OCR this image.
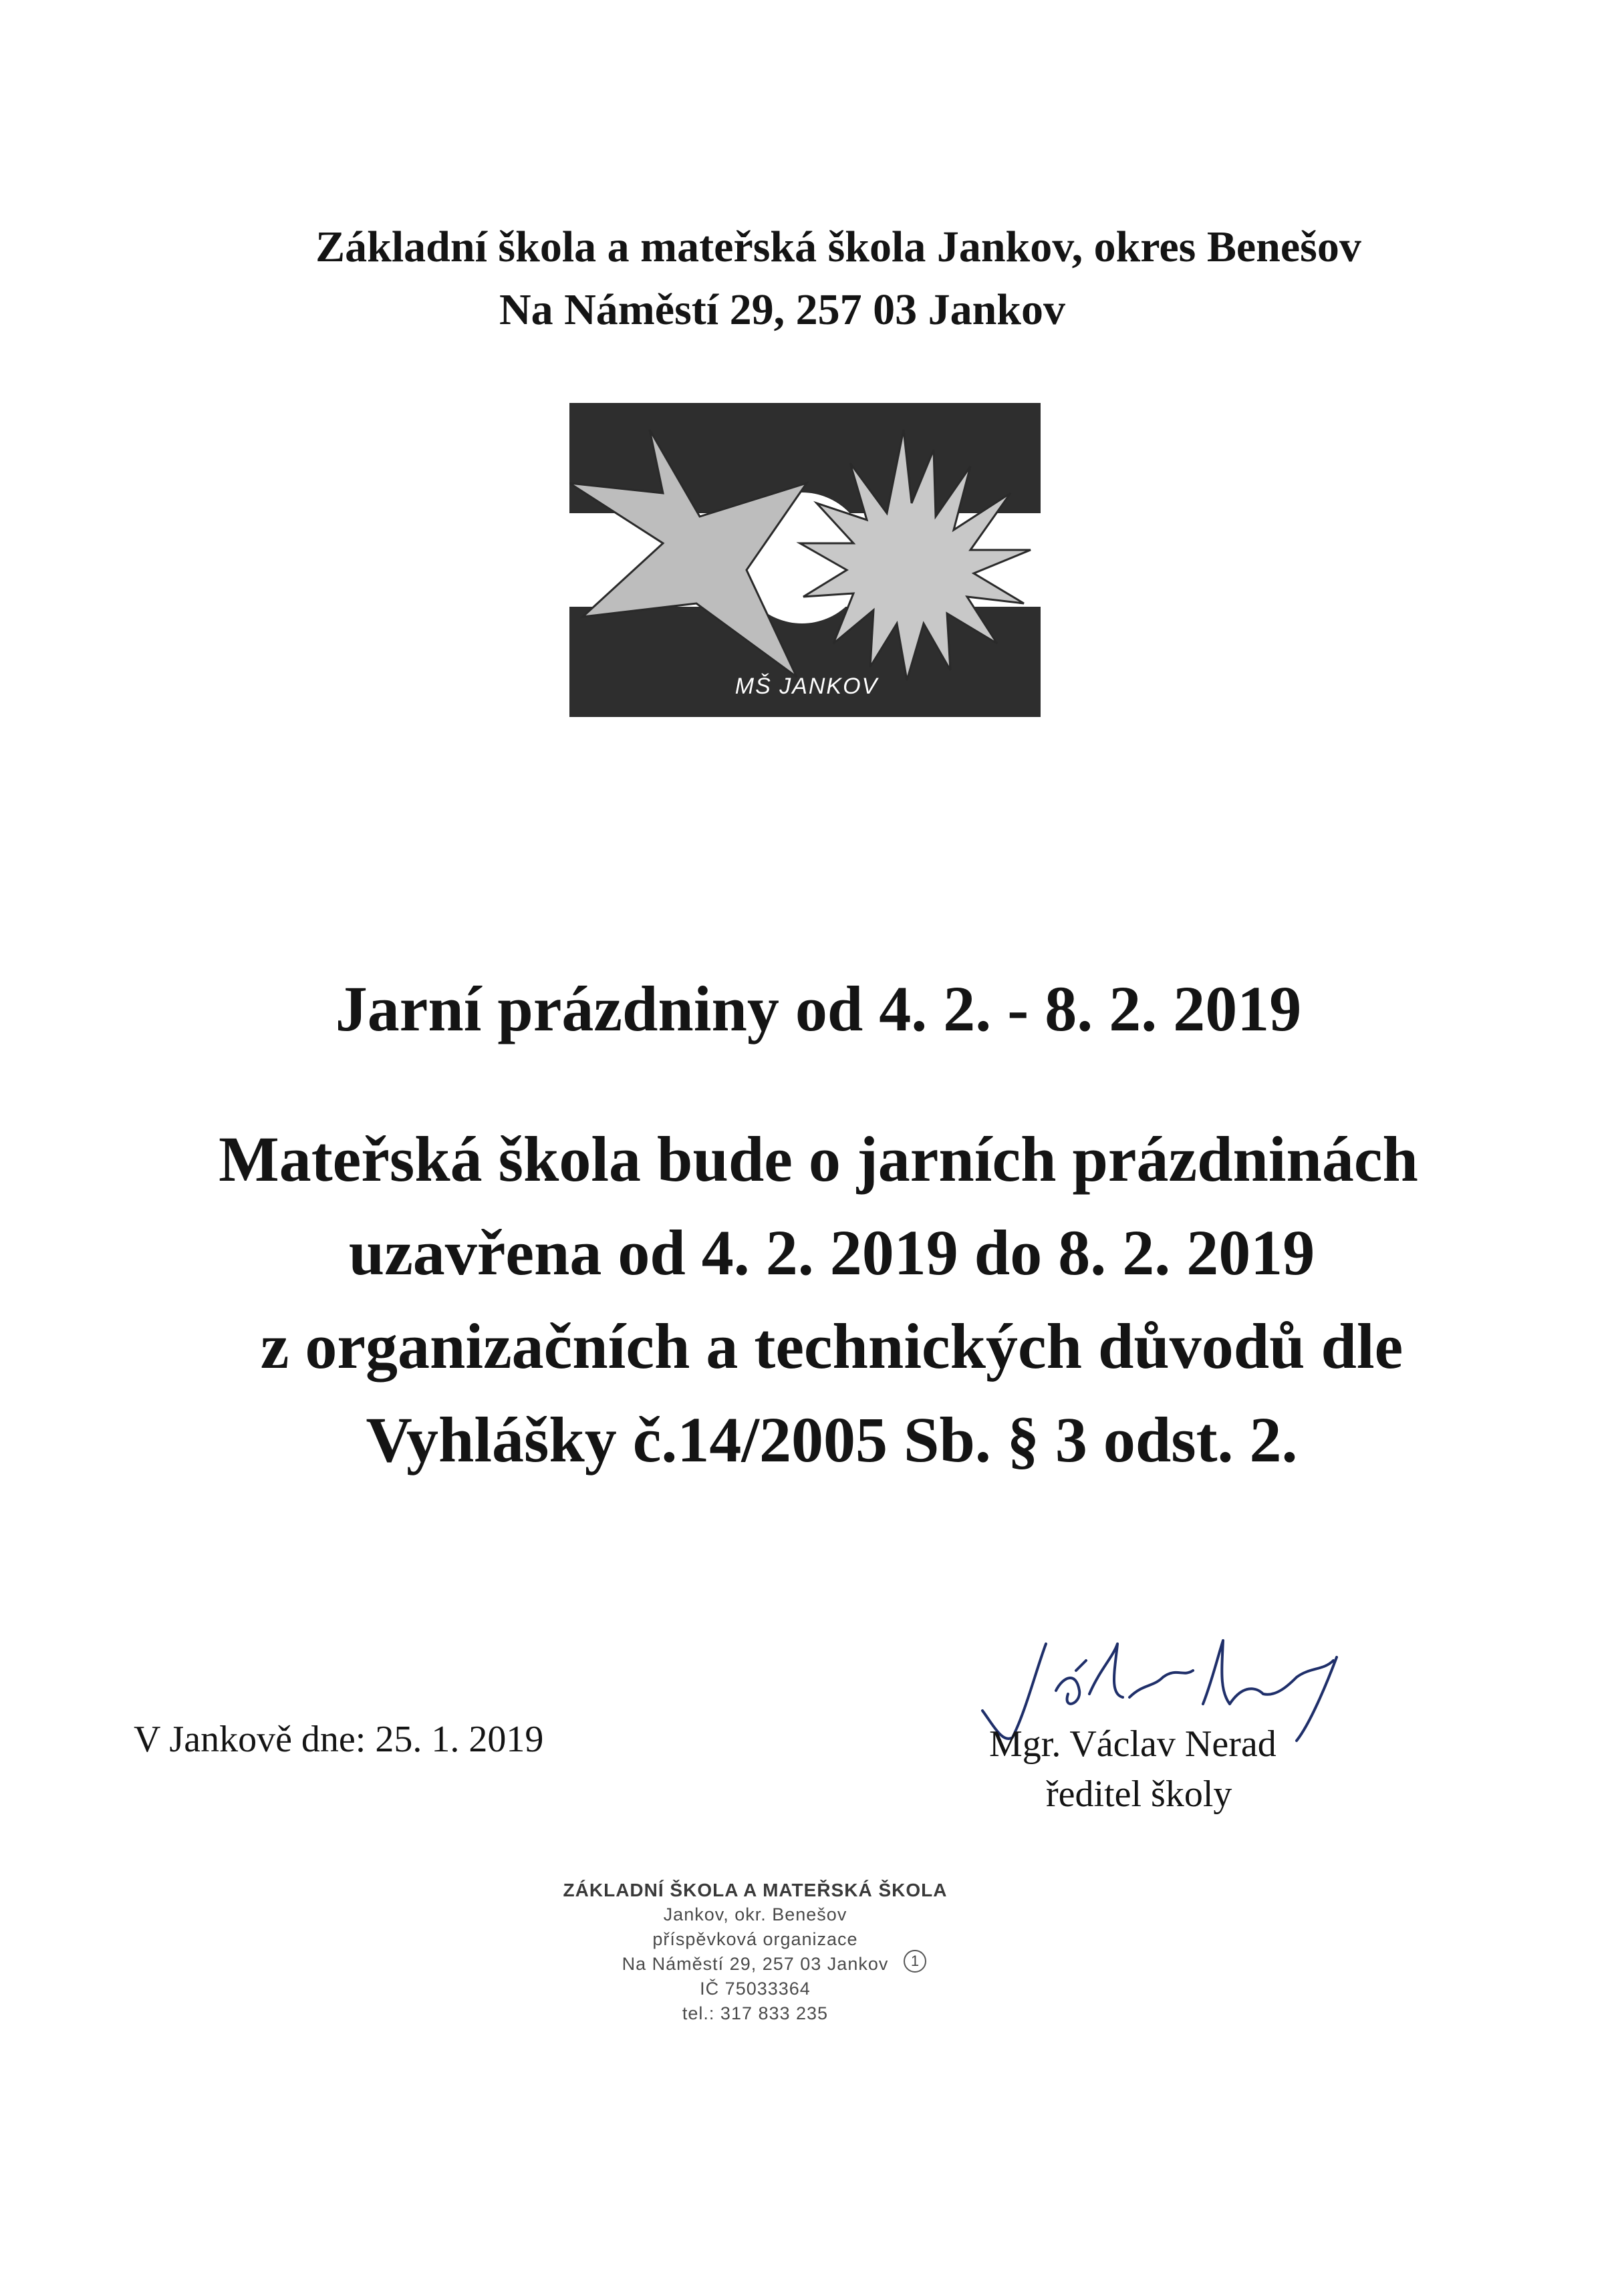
Základní škola a mateřská škola Jankov, okres Benešov
Na Náměstí 29, 257 03 Jankov
MŠ JANKOV
Jarní prázdniny od 4. 2. - 8. 2. 2019
Mateřská škola bude o jarních prázdninách
uzavřena od 4. 2. 2019 do 8. 2. 2019
z organizačních a technických důvodů dle
Vyhlášky č.14/2005 Sb. § 3 odst. 2.
V Jankově dne: 25. 1. 2019	Mgr. Václav Nerad
ředitel školy
ZÁKLADNÍ ŠKOLA A MATEŘSKÁ ŠKOLA
Jankov, okr. Benešov
příspěvková organizace
Na Náměstí 29, 257 03 Jankov
IČ 75033364
tel.: 317 833 235
1
